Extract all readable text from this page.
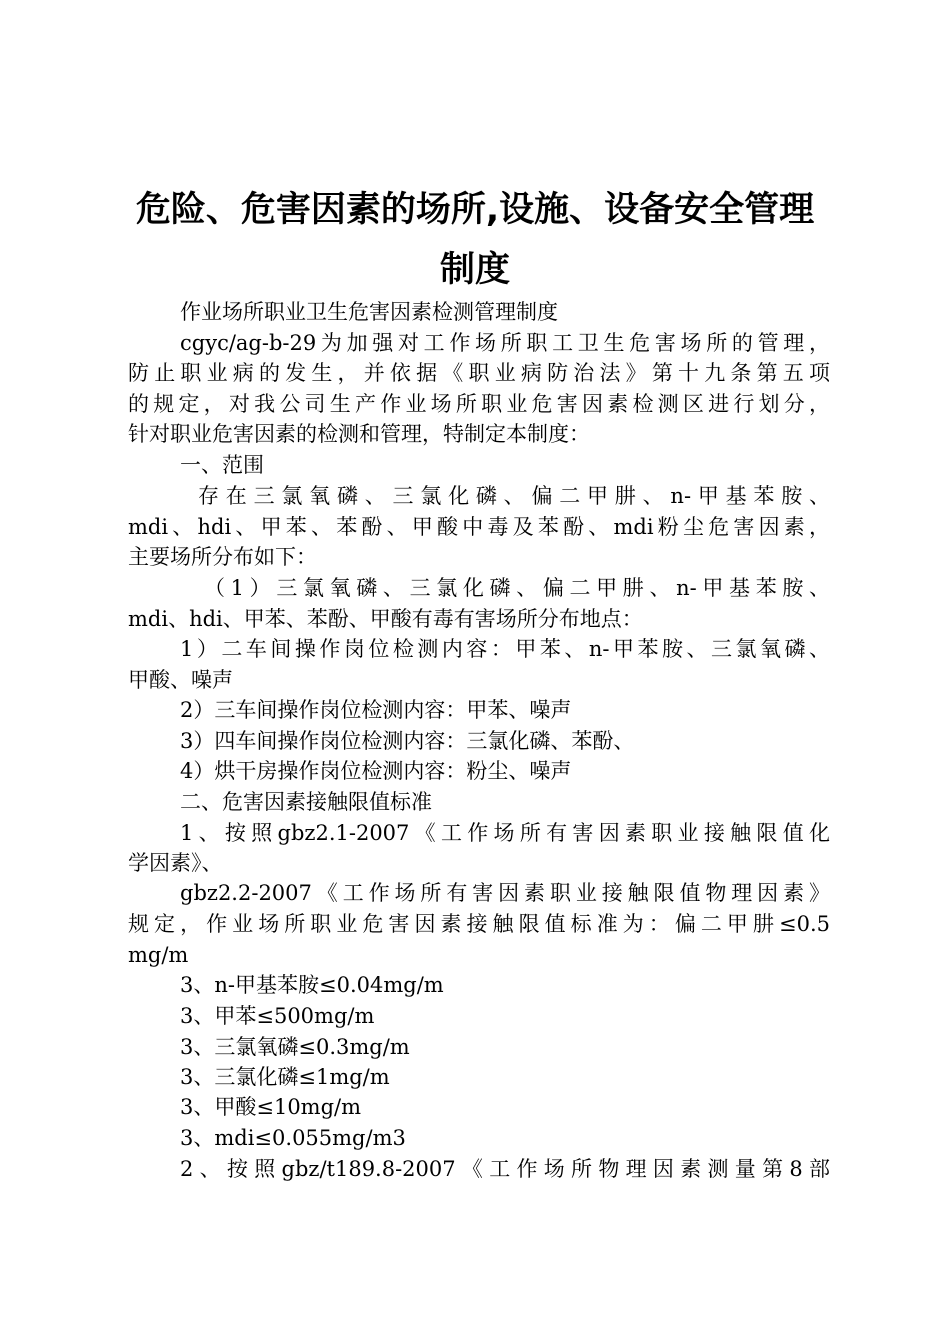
危险、危害因素的场所,设施、设备安全管理
制度
作业场所职业卫生危害因素检测管理制度
cgyc/ag-b-29为加强对工作场所职工卫生危害场所的管理，
防止职业病的发生，并依据《职业病防治法》第十九条第五项
的规定，对我公司生产作业场所职业危害因素检测区进行划分，
针对职业危害因素的检测和管理，特制定本制度：
一、范围
存在三氯氧磷、三氯化磷、偏二甲肼、n-甲基苯胺、
mdi、hdi、甲苯、苯酚、甲酸中毒及苯酚、mdi粉尘危害因素，
主要场所分布如下：
（1）三氯氧磷、三氯化磷、偏二甲肼、n-甲基苯胺、
mdi、hdi、甲苯、苯酚、甲酸有毒有害场所分布地点：
1）二车间操作岗位检测内容：甲苯、n-甲苯胺、三氯氧磷、
甲酸、噪声
2）三车间操作岗位检测内容：甲苯、噪声
3）四车间操作岗位检测内容：三氯化磷、苯酚、
4）烘干房操作岗位检测内容：粉尘、噪声
二、危害因素接触限值标准
1、按照gbz2.1-2007《工作场所有害因素职业接触限值化
学因素》、
gbz2.2-2007《工作场所有害因素职业接触限值物理因素》
规定，作业场所职业危害因素接触限值标准为：偏二甲肼≤0.5
mg/m
3、n-甲基苯胺≤0.04mg/m
3、甲苯≤500mg/m
3、三氯氧磷≤0.3mg/m
3、三氯化磷≤1mg/m
3、甲酸≤10mg/m
3、mdi≤0.055mg/m3
2、按照gbz/t189.8-2007《工作场所物理因素测量第8部
